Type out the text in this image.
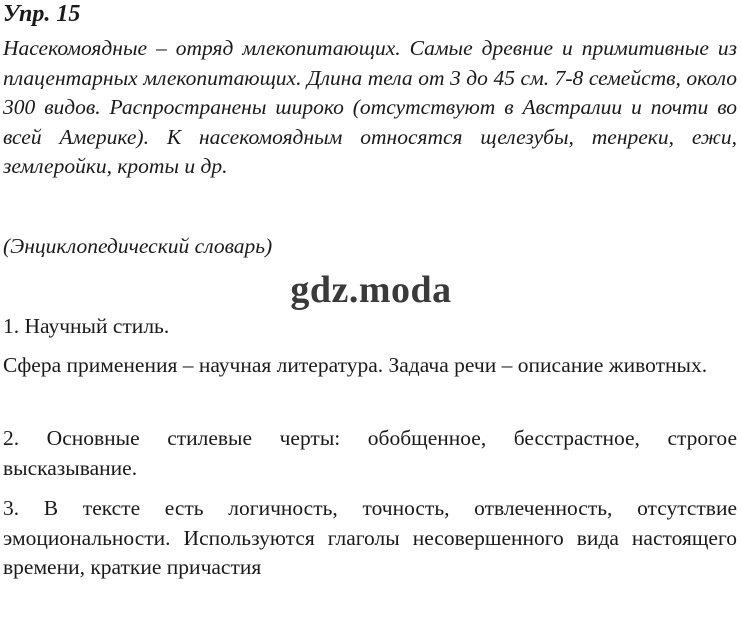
Упр. 15

Насекомоядные – отряд млекопитающих. Самые древние и примитивные из плацентарных млекопитающих. Длина тела от 3 до 45 см. 7-8 семейств, около 300 видов. Распространены широко (отсутствуют в Австралии и почти во всей Америке). К насекомоядным относятся щелезубы, тенреки, ежи, землеройки, кроты и др.

(Энциклопедический словарь)

gdz.moda

1. Научный стиль.

Сфера применения – научная литература. Задача речи – описание животных.

2. Основные стилевые черты: обобщенное, бесстрастное, строгое высказывание.

3. В тексте есть логичность, точность, отвлеченность, отсутствие эмоциональности. Используются глаголы несовершенного вида настоящего времени, краткие причастия
